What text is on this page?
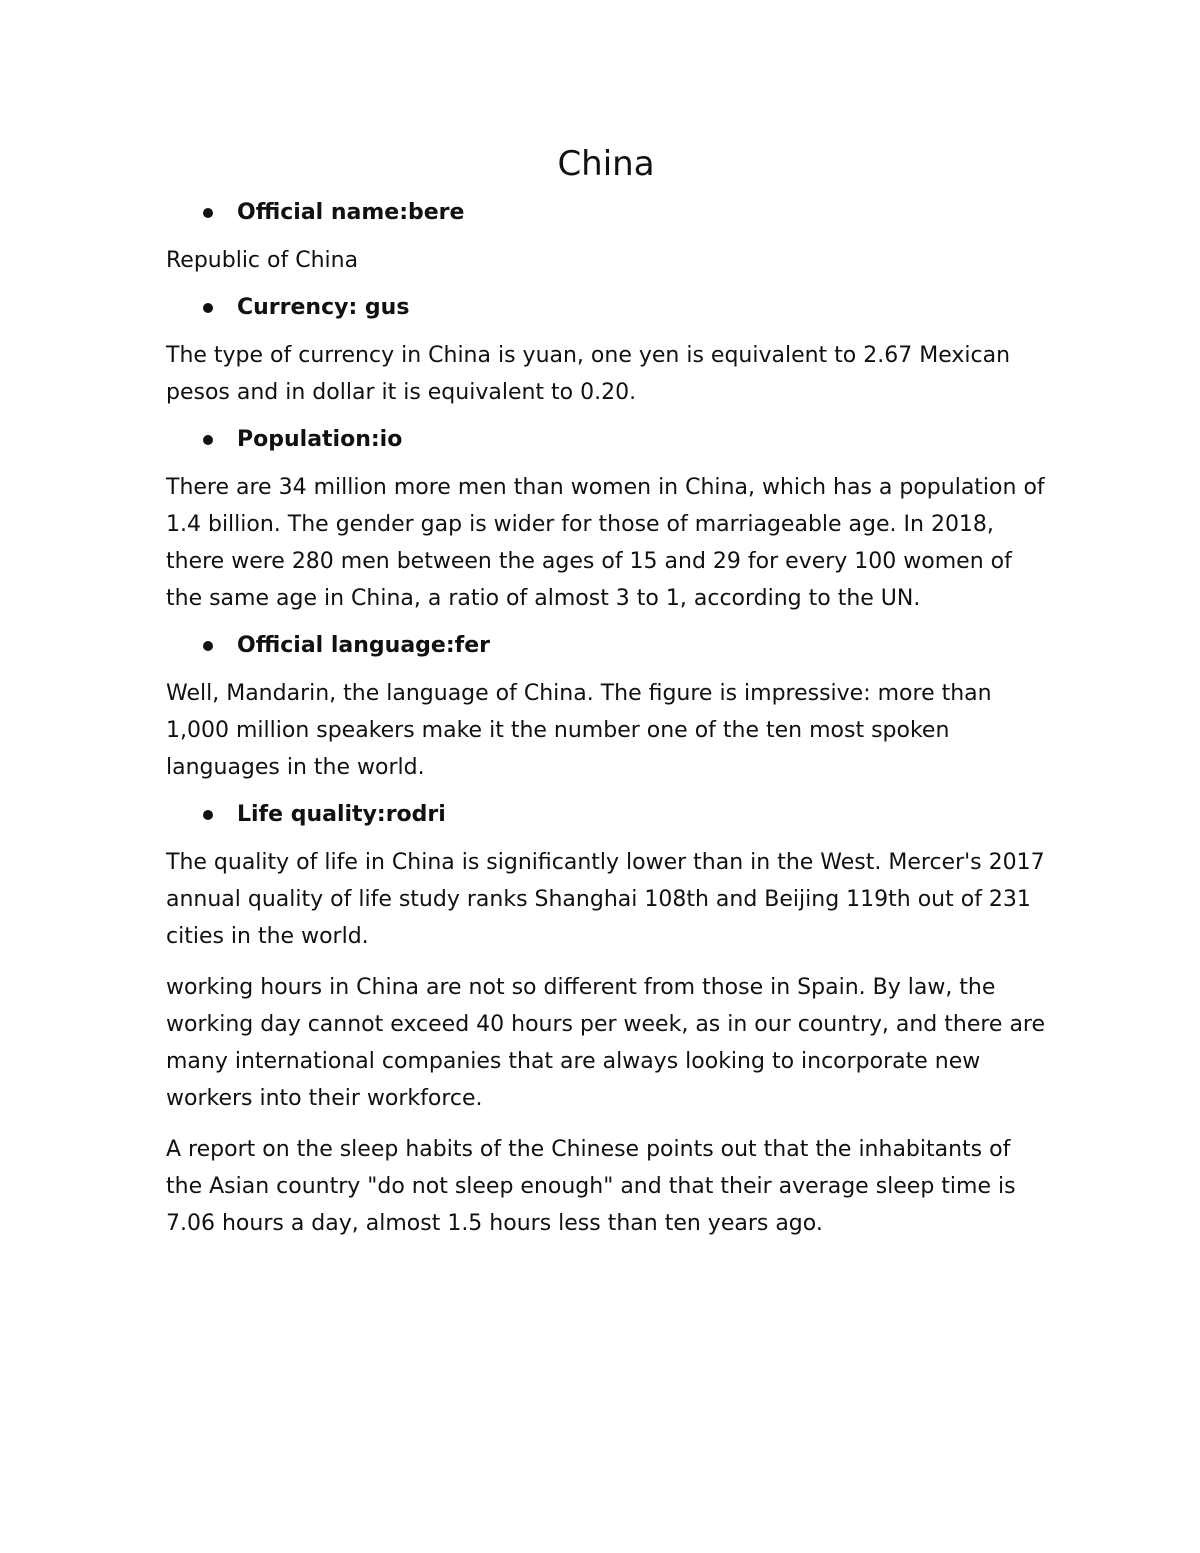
China
Official name:bere

Republic of China

Currency: gus

The type of currency in China is yuan, one yen is equivalent to 2.67 Mexican pesos and in dollar it is equivalent to 0.20.

Population:io

There are 34 million more men than women in China, which has a population of 1.4 billion. The gender gap is wider for those of marriageable age. In 2018, there were 280 men between the ages of 15 and 29 for every 100 women of the same age in China, a ratio of almost 3 to 1, according to the UN.

Official language:fer

Well, Mandarin, the language of China. The figure is impressive: more than 1,000 million speakers make it the number one of the ten most spoken languages in the world.

Life quality:rodri

The quality of life in China is significantly lower than in the West. Mercer's 2017 annual quality of life study ranks Shanghai 108th and Beijing 119th out of 231 cities in the world.

working hours in China are not so different from those in Spain. By law, the working day cannot exceed 40 hours per week, as in our country, and there are many international companies that are always looking to incorporate new workers into their workforce.

A report on the sleep habits of the Chinese points out that the inhabitants of the Asian country "do not sleep enough" and that their average sleep time is 7.06 hours a day, almost 1.5 hours less than ten years ago.
